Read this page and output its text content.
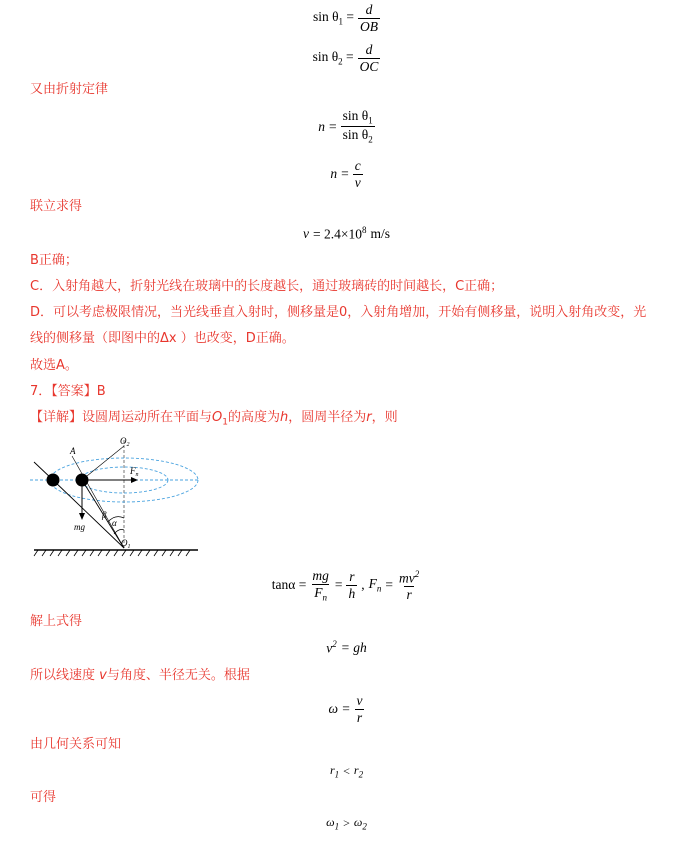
$\sin \theta_1 = \frac{d}{OB}$
$\sin \theta_2 = \frac{d}{OC}$
又由折射定律
$n = \frac{\sin \theta_1}{\sin \theta_2}$
$n = \frac{c}{v}$
联立求得
$v = 2.4\times 10^8$ m/s
B正确；
C．入射角越大，折射光线在玻璃中的长度越长，通过玻璃砖的时间越长，C正确；
D．可以考虑极限情况，当光线垂直入射时，侧移量是0，入射角增加，开始有侧移量，说明入射角改变，光
线的侧移量（即图中的Δx ）也改变，D正确。
故选A。
7．【答案】B
【详解】设圆周运动所在平面与$O_1$的高度为h，圆周半径为r，则
$O_2$
A
$F_n$
β
α
mg
$O_1$
$\tan\alpha = \frac{mg}{F_n} = \frac{r}{h}$ , $F_n = \frac{mv^2}{r}$
解上式得
$v^2$ = gh
所以线速度 v与角度、半径无关。根据
$\omega = \frac{v}{r}$
由几何关系可知
$r_1 < r_2$
可得
$\omega_1 > \omega_2$
